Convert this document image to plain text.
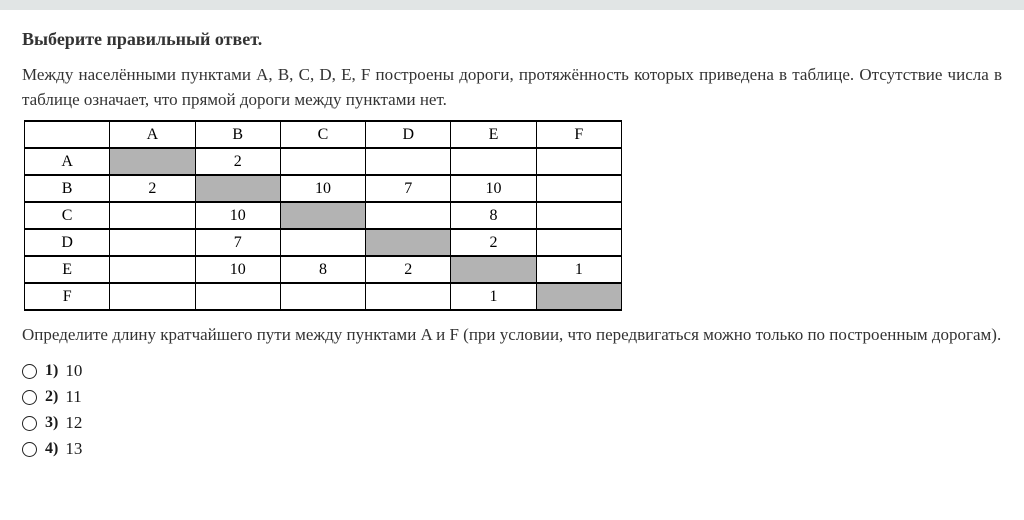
Выберите правильный ответ.

Между населёнными пунктами A, B, C, D, E, F построены дороги, протяжённость которых приведена в таблице. Отсутствие числа в таблице означает, что прямой дороги между пунктами нет.

	A	B	C	D	E	F
A		2				
B	2		10	7	10	
C		10			8	
D		7			2	
E		10	8	2		1
F					1	

Определите длину кратчайшего пути между пунктами A и F (при условии, что передвигаться можно только по построенным дорогам).

1) 10
2) 11
3) 12
4) 13
